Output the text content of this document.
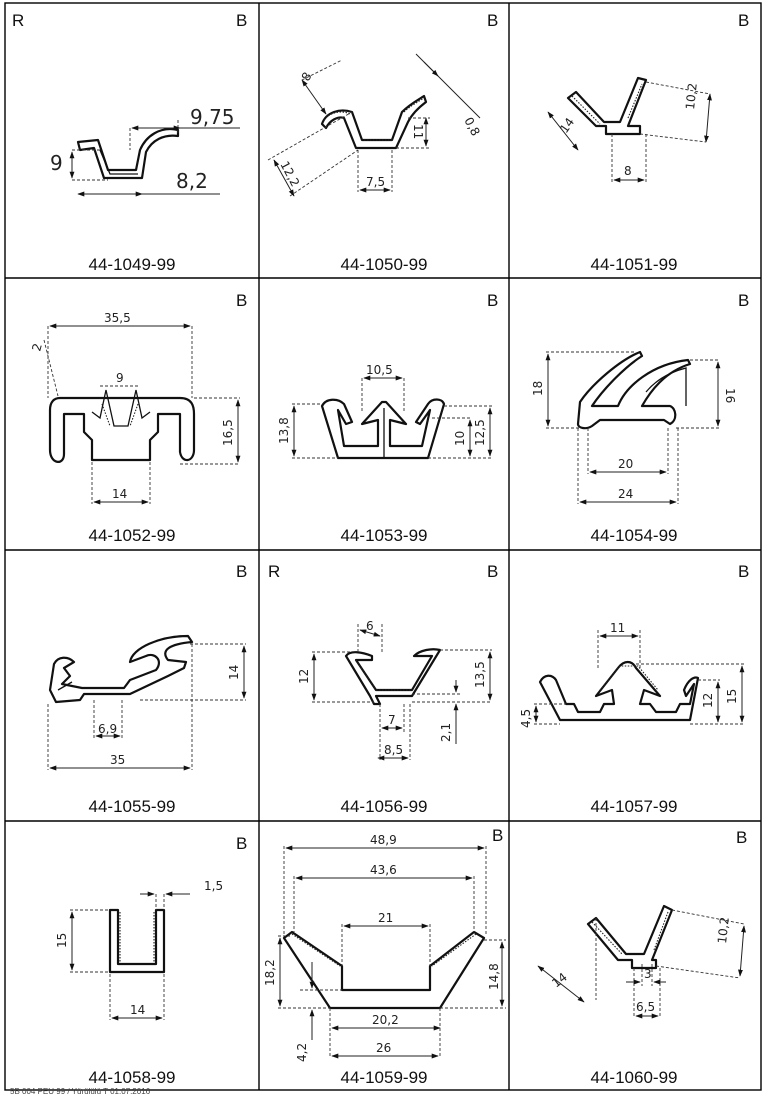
R	B
9,75
9
8,2
44-1049-99
B
8
0,8
11
12,2	7,5
44-1050-99
B
14
10,2
8
44-1051-99
B
35,5
2
9
16,5
14
44-1052-99
B
10,5
13,8	10 12,5
44-1053-99
B
18	16
20
24
44-1054-99
B
14
6,9
35
44-1055-99
R	B
6
12	13,5
2,1
7
8,5
44-1056-99
B
11
15
12
4,5
44-1057-99
B
1,5
15
14
44-1058-99
B
48,9
43,6
21
18,2	14,8
20,2
4,2	26
44-1059-99
B
10,2
14	3
6,5
44-1060-99
5B 004 PEU 99 / Yürülülü T 01.07.2016
